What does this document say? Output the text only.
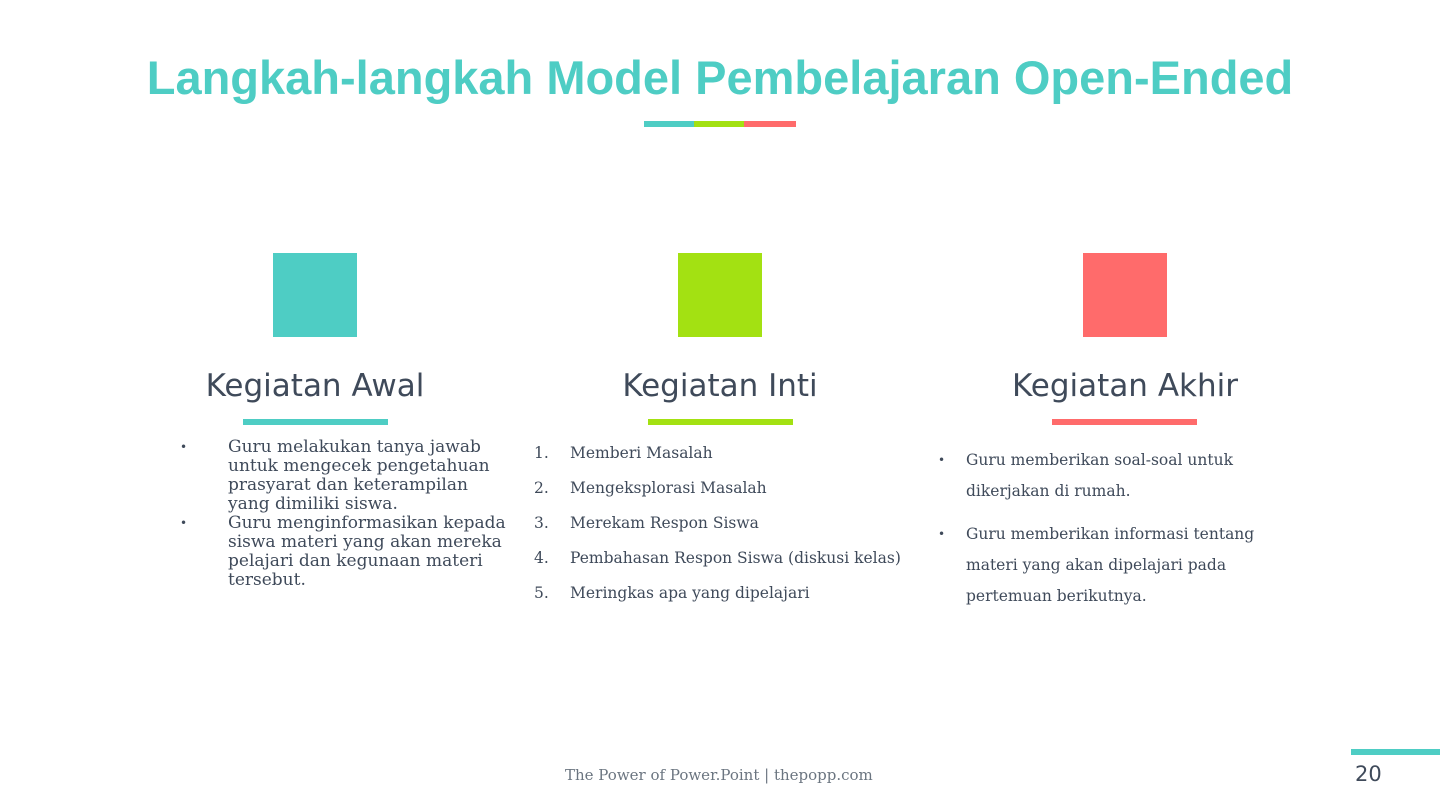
Langkah-langkah Model Pembelajaran Open-Ended
Kegiatan Awal
• Guru melakukan tanya jawab untuk mengecek pengetahuan prasyarat dan keterampilan yang dimiliki siswa.
• Guru menginformasikan kepada siswa materi yang akan mereka pelajari dan kegunaan materi tersebut.
Kegiatan Inti
1. Memberi Masalah
2. Mengeksplorasi Masalah
3. Merekam Respon Siswa
4. Pembahasan Respon Siswa (diskusi kelas)
5. Meringkas apa yang dipelajari
Kegiatan Akhir
• Guru memberikan soal-soal untuk dikerjakan di rumah.
• Guru memberikan informasi tentang materi yang akan dipelajari pada pertemuan berikutnya.
The Power of Power.Point | thepopp.com	20
